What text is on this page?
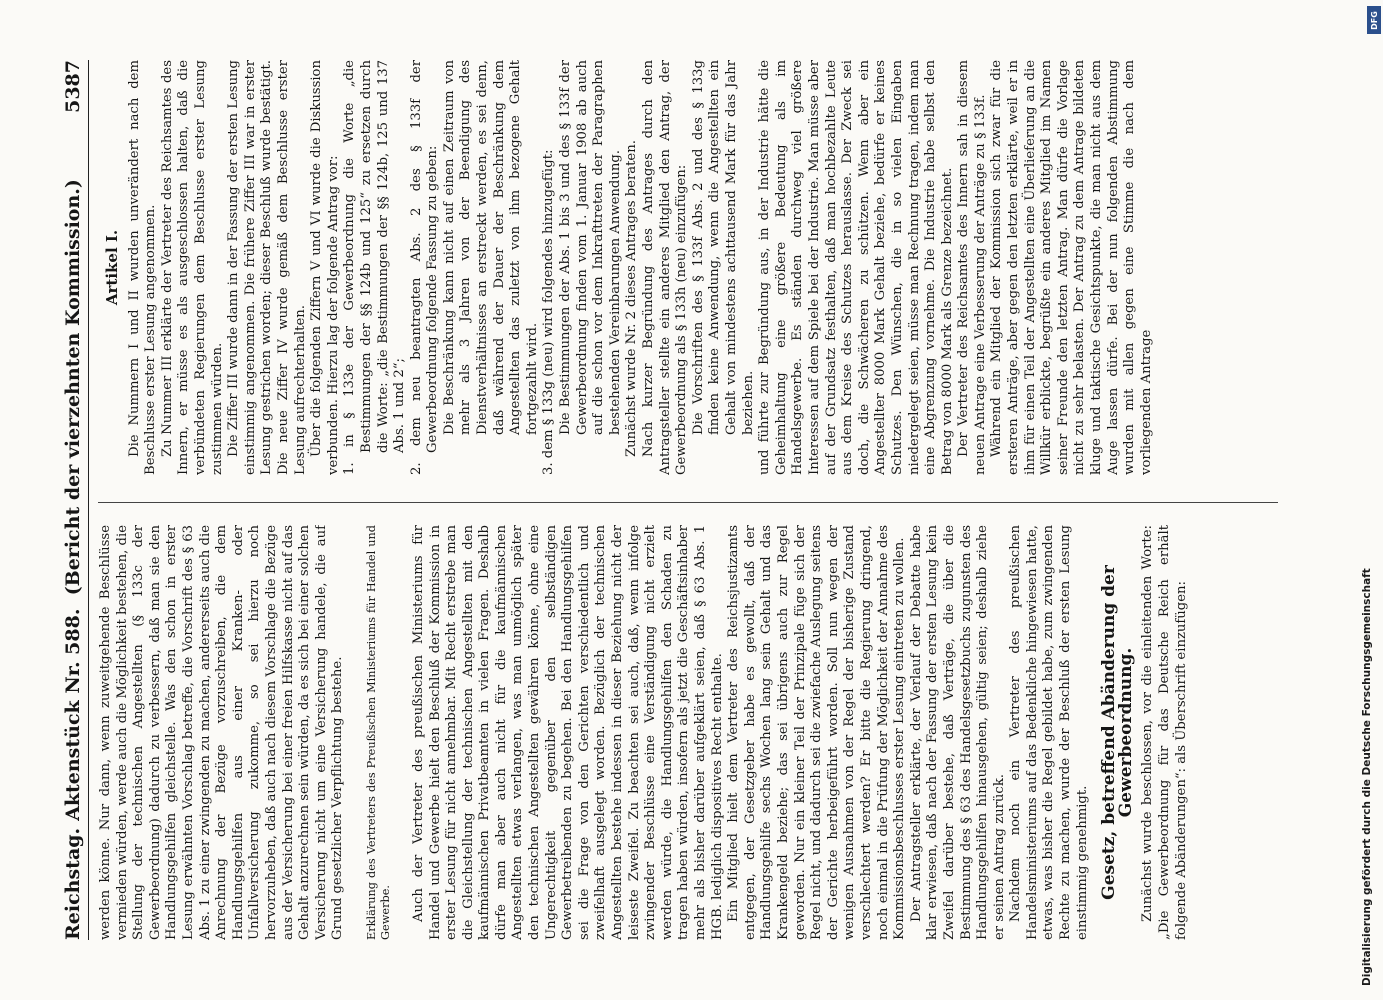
Reichstag.
Aktenstück Nr. 588.  (Bericht der vierzehnten Kommission.)
5387

werden könne. Nur dann, wenn zuweitgehende Beschlüsse vermieden würden, werde auch die Möglichkeit bestehen, die Stellung der technischen Angestellten (§ 133c der Gewerbeordnung) dadurch zu verbessern, daß man sie den Handlungsgehilfen gleichstelle. Was den schon in erster Lesung erwähnten Vorschlag betreffe, die Vorschrift des § 63 Abs. 1 zu einer zwingenden zu machen, andererseits auch die Anrechnung der Bezüge vorzuschreiben, die dem Handlungsgehilfen aus einer Kranken- oder Unfallversicherung zukomme, so sei hierzu noch hervorzuheben, daß auch nach diesem Vorschlage die Bezüge aus der Versicherung bei einer freien Hilfskasse nicht auf das Gehalt anzurechnen sein würden, da es sich bei einer solchen Versicherung nicht um eine Versicherung handele, die auf Grund gesetzlicher Verpflichtung bestehe. Erklärung des Vertreters des Preußischen Ministeriums für Handel und Gewerbe. Auch der Vertreter des preußischen Ministeriums für Handel und Gewerbe hielt den Beschluß der Kommission in erster Lesung für nicht annehmbar. Mit Recht erstrebe man die Gleichstellung der technischen Angestellten mit den kaufmännischen Privatbeamten in vielen Fragen. Deshalb dürfe man aber auch nicht für die kaufmännischen Angestellten etwas verlangen, was man unmöglich später den technischen Angestellten gewähren könne, ohne eine Ungerechtigkeit gegenüber den selbständigen Gewerbetreibenden zu begehen. Bei den Handlungsgehilfen sei die Frage von den Gerichten verschiedentlich und zweifelhaft ausgelegt worden. Bezüglich der technischen Angestellten bestehe indessen in dieser Beziehung nicht der leiseste Zweifel. Zu beachten sei auch, daß, wenn infolge zwingender Beschlüsse eine Verständigung nicht erzielt werden würde, die Handlungsgehilfen den Schaden zu tragen haben würden, insofern als jetzt die Geschäftsinhaber mehr als bisher darüber aufgeklärt seien, daß § 63 Abs. 1 HGB. lediglich dispositives Recht enthalte. Ein Mitglied hielt dem Vertreter des Reichsjustizamts entgegen, der Gesetzgeber habe es gewollt, daß der Handlungsgehilfe sechs Wochen lang sein Gehalt und das Krankengeld beziehe; das sei übrigens auch zur Regel geworden. Nur ein kleiner Teil der Prinzipale füge sich der Regel nicht, und dadurch sei die zwiefache Auslegung seitens der Gerichte herbeigeführt worden. Soll nun wegen der wenigen Ausnahmen von der Regel der bisherige Zustand verschlechtert werden? Er bitte die Regierung dringend, noch einmal in die Prüfung der Möglichkeit der Annahme des Kommissionsbeschlusses erster Lesung eintreten zu wollen. Der Antragsteller erklärte, der Verlauf der Debatte habe klar erwiesen, daß nach der Fassung der ersten Lesung kein Zweifel darüber bestehe, daß Verträge, die über die Bestimmung des § 63 des Handelsgesetzbuchs zugunsten des Handlungsgehilfen hinausgehen, gültig seien; deshalb ziehe er seinen Antrag zurück. Nachdem noch ein Vertreter des preußischen Handelsministeriums auf das Bedenkliche hingewiesen hatte, etwas, was bisher die Regel gebildet habe, zum zwingenden Rechte zu machen, wurde der Beschluß der ersten Lesung einstimmig genehmigt. Gesetz, betreffend Abänderung der Gewerbeordnung. Zunächst wurde beschlossen, vor die einleitenden Worte: „Die Gewerbeordnung für das Deutsche Reich erhält folgende Abänderungen“: als Überschrift einzufügen:

Artikel I. Die Nummern I und II wurden unverändert nach dem Beschlusse erster Lesung angenommen. Zu Nummer III erklärte der Vertreter des Reichsamtes des Innern, er müsse es als ausgeschlossen halten, daß die verbündeten Regierungen dem Beschlusse erster Lesung zustimmen würden. Die Ziffer III wurde dann in der Fassung der ersten Lesung einstimmig angenommen. Die frühere Ziffer III war in erster Lesung gestrichen worden; dieser Beschluß wurde bestätigt. Die neue Ziffer IV wurde gemäß dem Beschlusse erster Lesung aufrechterhalten. Über die folgenden Ziffern V und VI wurde die Diskussion verbunden. Hierzu lag der folgende Antrag vor: 1. in § 133e der Gewerbeordnung die Worte „die Bestimmungen der §§ 124b und 125“ zu ersetzen durch die Worte: „die Bestimmungen der §§ 124b, 125 und 137 Abs. 1 und 2“; 2. dem neu beantragten Abs. 2 des § 133f der Gewerbeordnung folgende Fassung zu geben: Die Beschränkung kann nicht auf einen Zeitraum von mehr als 3 Jahren von der Beendigung des Dienstverhältnisses an erstreckt werden, es sei denn, daß während der Dauer der Beschränkung dem Angestellten das zuletzt von ihm bezogene Gehalt fortgezahlt wird. 3. dem § 133g (neu) wird folgendes hinzugefügt: Die Bestimmungen der Abs. 1 bis 3 und des § 133f der Gewerbeordnung finden vom 1. Januar 1908 ab auch auf die schon vor dem Inkrafttreten der Paragraphen bestehenden Vereinbarungen Anwendung. Zunächst wurde Nr. 2 dieses Antrages beraten. Nach kurzer Begründung des Antrages durch den Antragsteller stellte ein anderes Mitglied den Antrag, der Gewerbeordnung als § 133h (neu) einzufügen: Die Vorschriften des § 133f Abs. 2 und des § 133g finden keine Anwendung, wenn die Angestellten ein Gehalt von mindestens achttausend Mark für das Jahr beziehen. und führte zur Begründung aus, in der Industrie hätte die Geheimhaltung eine größere Bedeutung als im Handelsgewerbe. Es ständen durchweg viel größere Interessen auf dem Spiele bei der Industrie. Man müsse aber auf der Grundsatz festhalten, daß man hochbezahlte Leute aus dem Kreise des Schutzes herauslasse. Der Zweck sei doch, die Schwächeren zu schützen. Wenn aber ein Angestellter 8000 Mark Gehalt beziehe, bedürfe er keines Schutzes. Den Wünschen, die in so vielen Eingaben niedergelegt seien, müsse man Rechnung tragen, indem man eine Abgrenzung vornehme. Die Industrie habe selbst den Betrag von 8000 Mark als Grenze bezeichnet. Der Vertreter des Reichsamtes des Innern sah in diesem neuen Antrage eine Verbesserung der Anträge zu § 133f. Während ein Mitglied der Kommission sich zwar für die ersteren Anträge, aber gegen den letzten erklärte, weil er in ihm für einen Teil der Angestellten eine Überlieferung an die Willkür erblickte, begrüßte ein anderes Mitglied im Namen seiner Freunde den letzten Antrag. Man dürfe die Vorlage nicht zu sehr belasten. Der Antrag zu dem Antrage bildeten kluge und taktische Gesichtspunkte, die man nicht aus dem Auge lassen dürfe. Bei der nun folgenden Abstimmung wurden mit allen gegen eine Stimme die nach dem vorliegenden Antrage

Digitalisierung gefördert durch die Deutsche Forschungsgemeinschaft
DFG
